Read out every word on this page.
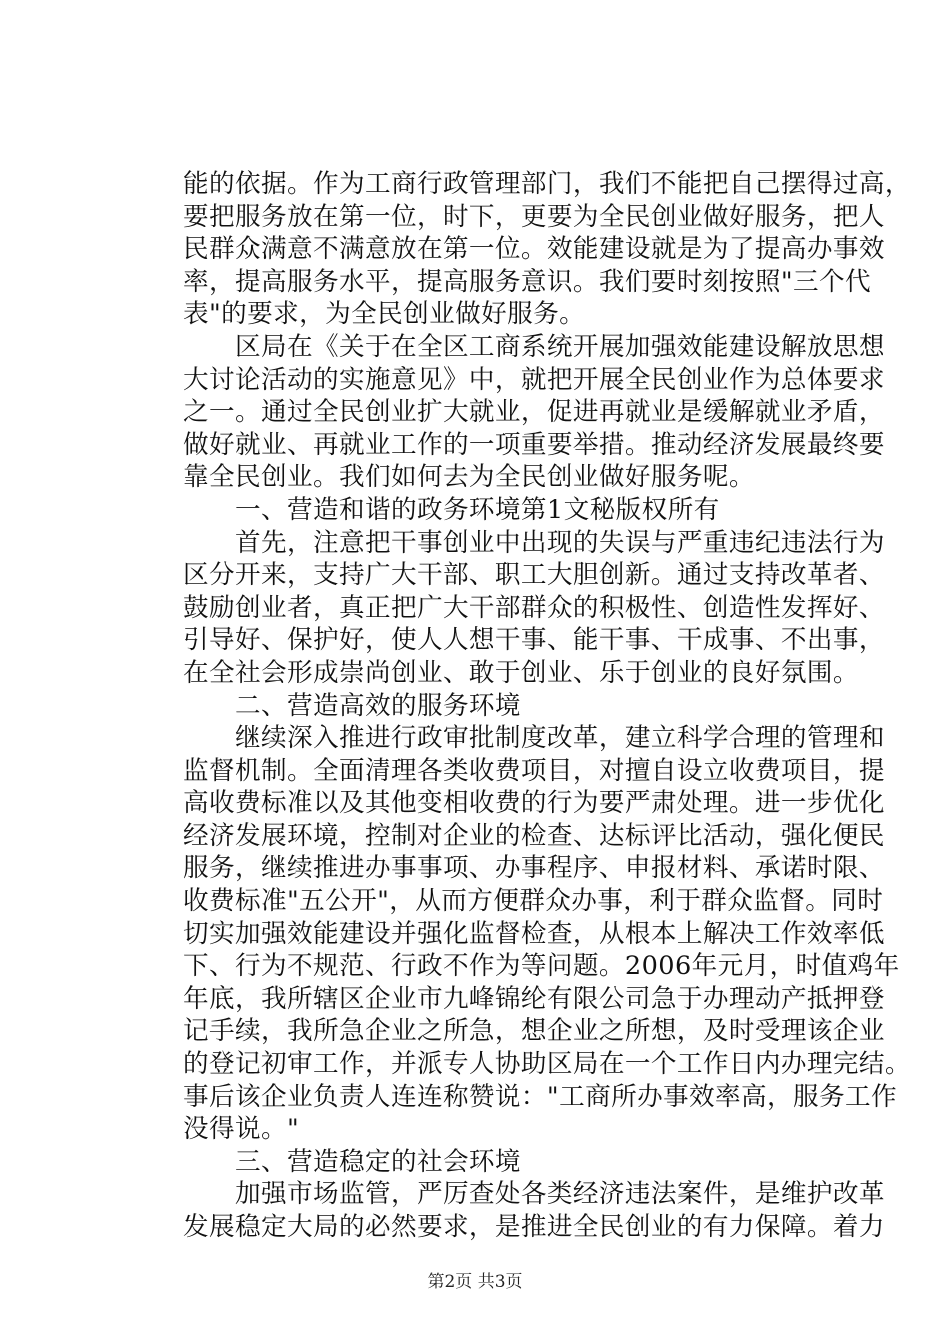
能的依据。作为工商行政管理部门，我们不能把自己摆得过高，
要把服务放在第一位，时下，更要为全民创业做好服务，把人
民群众满意不满意放在第一位。效能建设就是为了提高办事效
率，提高服务水平，提高服务意识。我们要时刻按照"三个代
表"的要求，为全民创业做好服务。
　　区局在《关于在全区工商系统开展加强效能建设解放思想
大讨论活动的实施意见》中，就把开展全民创业作为总体要求
之一。通过全民创业扩大就业，促进再就业是缓解就业矛盾，
做好就业、再就业工作的一项重要举措。推动经济发展最终要
靠全民创业。我们如何去为全民创业做好服务呢。
　　一、营造和谐的政务环境第1文秘版权所有
　　首先，注意把干事创业中出现的失误与严重违纪违法行为
区分开来，支持广大干部、职工大胆创新。通过支持改革者、
鼓励创业者，真正把广大干部群众的积极性、创造性发挥好、
引导好、保护好，使人人想干事、能干事、干成事、不出事，
在全社会形成崇尚创业、敢于创业、乐于创业的良好氛围。
　　二、营造高效的服务环境
　　继续深入推进行政审批制度改革，建立科学合理的管理和
监督机制。全面清理各类收费项目，对擅自设立收费项目，提
高收费标准以及其他变相收费的行为要严肃处理。进一步优化
经济发展环境，控制对企业的检查、达标评比活动，强化便民
服务，继续推进办事事项、办事程序、申报材料、承诺时限、
收费标准"五公开"，从而方便群众办事，利于群众监督。同时
切实加强效能建设并强化监督检查，从根本上解决工作效率低
下、行为不规范、行政不作为等问题。2006年元月，时值鸡年
年底，我所辖区企业市九峰锦纶有限公司急于办理动产抵押登
记手续，我所急企业之所急，想企业之所想，及时受理该企业
的登记初审工作，并派专人协助区局在一个工作日内办理完结。
事后该企业负责人连连称赞说："工商所办事效率高，服务工作
没得说。"
　　三、营造稳定的社会环境
　　加强市场监管，严厉查处各类经济违法案件，是维护改革
发展稳定大局的必然要求，是推进全民创业的有力保障。着力
第2页 共3页
